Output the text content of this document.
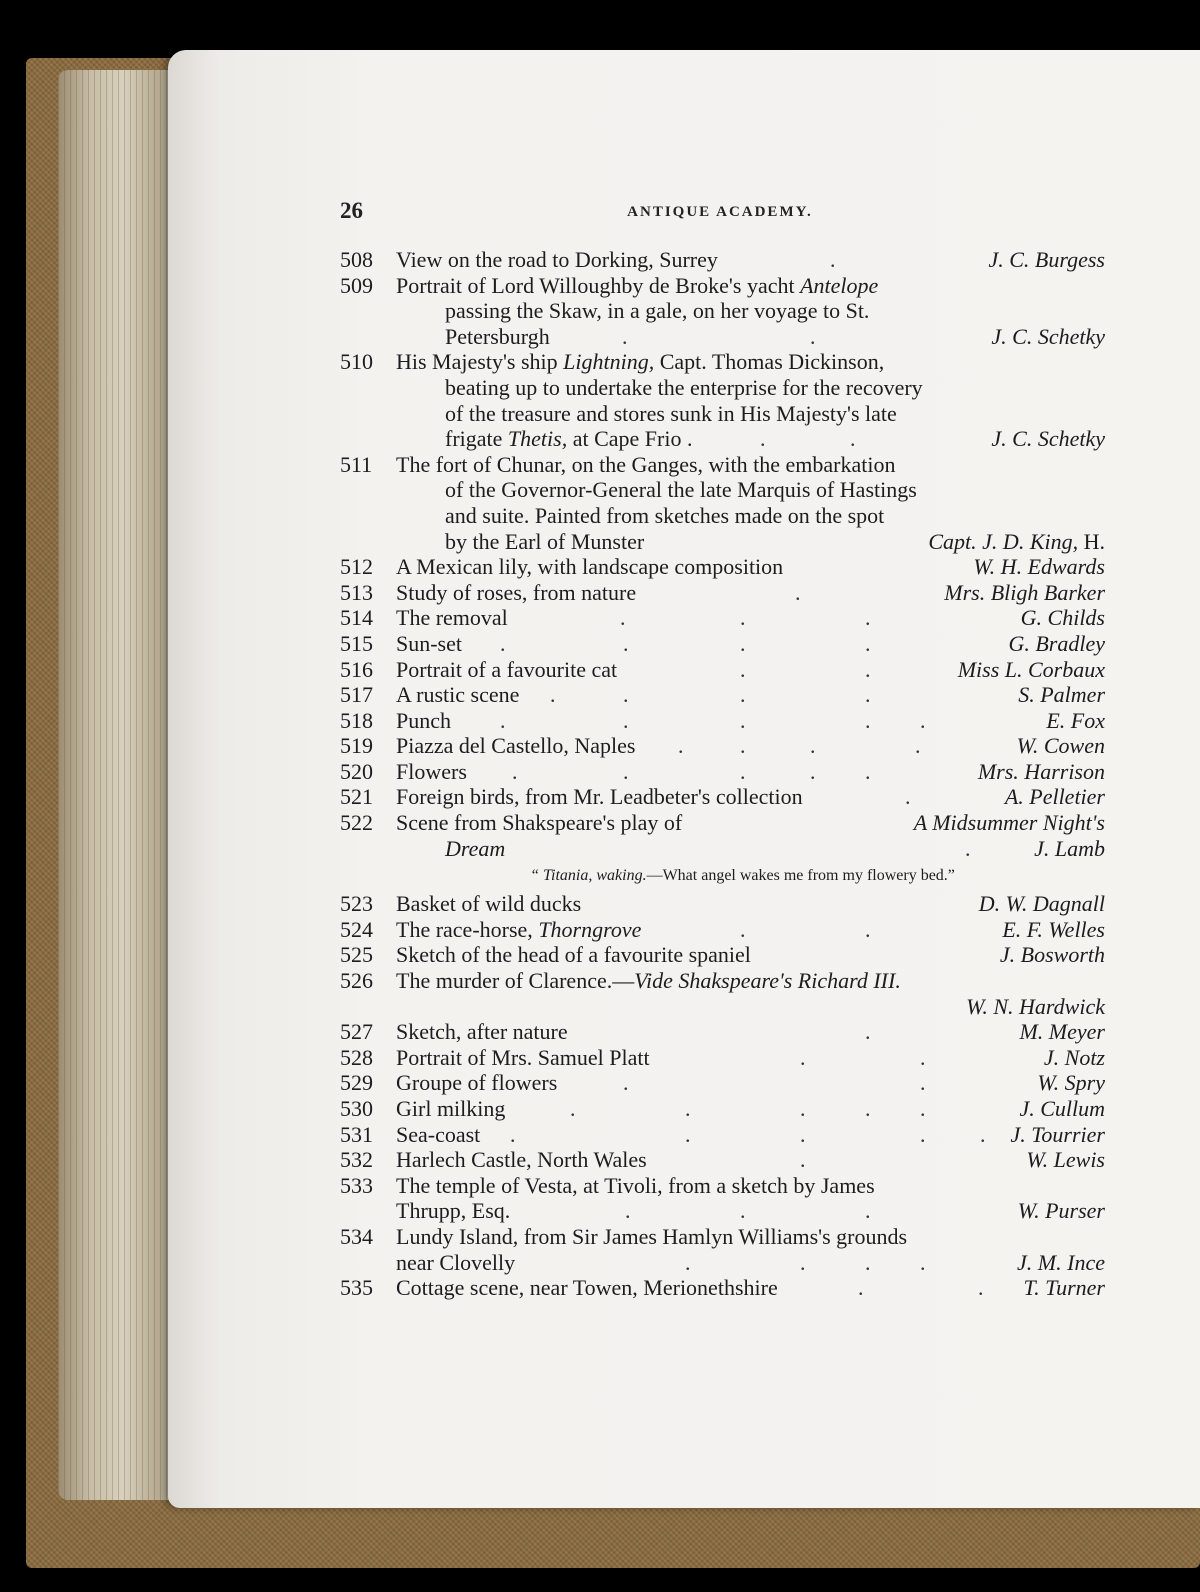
26	ANTIQUE ACADEMY.
508 View on the road to Dorking, Surrey	.	J. C. Burgess
509 Portrait of Lord Willoughby de Broke's yacht Antelope
passing the Skaw, in a gale, on her voyage to St.
Petersburgh	.	.	J. C. Schetky
510 His Majesty's ship Lightning, Capt. Thomas Dickinson,
beating up to undertake the enterprise for the recovery
of the treasure and stores sunk in His Majesty's late
frigate Thetis, at Cape Frio .	.	.	J. C. Schetky
511 The fort of Chunar, on the Ganges, with the embarkation
of the Governor-General the late Marquis of Hastings
and suite. Painted from sketches made on the spot
by the Earl of Munster	Capt. J. D. King, H.
512 A Mexican lily, with landscape composition	W. H. Edwards
513 Study of roses, from nature	.	Mrs. Bligh Barker
514 The removal	.	.	.	G. Childs
515 Sun-set .	.	.	.	G. Bradley
516 Portrait of a favourite cat	.	.	Miss L. Corbaux
517 A rustic scene .	.	.	.	S. Palmer
518 Punch .	.	.	. .	E. Fox
519 Piazza del Castello, Naples .	.	.	.	W. Cowen
520 Flowers .	.	.	. .	Mrs. Harrison
521 Foreign birds, from Mr. Leadbeter's collection	.	A. Pelletier
522 Scene from Shakspeare's play of	A Midsummer Night's
Dream	.	J. Lamb
“ Titania, waking.—What angel wakes me from my flowery bed.”
523 Basket of wild ducks	D. W. Dagnall
524 The race-horse, Thorngrove	.	.	E. F. Welles
525 Sketch of the head of a favourite spaniel	J. Bosworth
526 The murder of Clarence.—Vide Shakspeare's Richard III.
W. N. Hardwick
527 Sketch, after nature	.	M. Meyer
528 Portrait of Mrs. Samuel Platt	.	.	J. Notz
529 Groupe of flowers	.	.	W. Spry
530 Girl milking	.	.	.	. .	J. Cullum
531 Sea-coast .	.	.	. . J. Tourrier
532 Harlech Castle, North Wales	.	W. Lewis
533 The temple of Vesta, at Tivoli, from a sketch by James
Thrupp, Esq.	.	.	.	W. Purser
534 Lundy Island, from Sir James Hamlyn Williams's grounds
near Clovelly	.	.	. .	J. M. Ince
535 Cottage scene, near Towen, Merionethshire	.	. T. Turner
